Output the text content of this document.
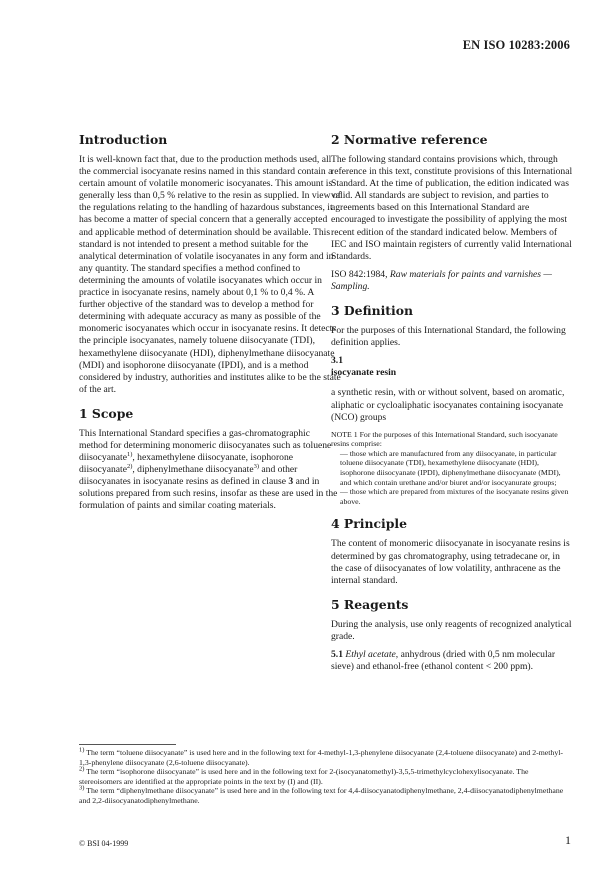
EN ISO 10283:2006
Introduction

It is well-known fact that, due to the production methods used, all the commercial isocyanate resins named in this standard contain a certain amount of volatile monomeric isocyanates. This amount is generally less than 0,5 % relative to the resin as supplied. In view of the regulations relating to the handling of hazardous substances, it has become a matter of special concern that a generally accepted and applicable method of determination should be available. This standard is not intended to present a method suitable for the analytical determination of volatile isocyanates in any form and in any quantity. The standard specifies a method confined to determining the amounts of volatile isocyanates which occur in practice in isocyanate resins, namely about 0,1 % to 0,4 %. A further objective of the standard was to develop a method for determining with adequate accuracy as many as possible of the monomeric isocyanates which occur in isocyanate resins. It detects the principle isocyanates, namely toluene diisocyanate (TDI), hexamethylene diisocyanate (HDI), diphenylmethane diisocyanate (MDI) and isophorone diisocyanate (IPDI), and is a method considered by industry, authorities and institutes alike to be the state of the art.

1 Scope

This International Standard specifies a gas-chromatographic method for determining monomeric diisocyanates such as toluene diisocyanate$^{1)}$, hexamethylene diisocyanate, isophorone diisocyanate$^{2)}$, diphenylmethane diisocyanate$^{3)}$ and other diisocyanates in isocyanate resins as defined in clause 3 and in solutions prepared from such resins, insofar as these are used in the formulation of paints and similar coating materials.

2 Normative reference

The following standard contains provisions which, through reference in this text, constitute provisions of this International Standard. At the time of publication, the edition indicated was valid. All standards are subject to revision, and parties to agreements based on this International Standard are encouraged to investigate the possibility of applying the most recent edition of the standard indicated below. Members of IEC and ISO maintain registers of currently valid International Standards.

ISO 842:1984, Raw materials for paints and varnishes — Sampling.

3 Definition

For the purposes of this International Standard, the following definition applies.

3.1

isocyanate resin

a synthetic resin, with or without solvent, based on aromatic, aliphatic or cycloaliphatic isocyanates containing isocyanate (NCO) groups

NOTE 1 For the purposes of this International Standard, such isocyanate resins comprise:
— those which are manufactured from any diisocyanate, in particular toluene diisocyanate (TDI), hexamethylene diisocyanate (HDI), isophorone diisocyanate (IPDI), diphenylmethane diisocyanate (MDI), and which contain urethane and/or biuret and/or isocyanurate groups;
— those which are prepared from mixtures of the isocyanate resins given above.
4 Principle

The content of monomeric diisocyanate in isocyanate resins is determined by gas chromatography, using tetradecane or, in the case of diisocyanates of low volatility, anthracene as the internal standard.

5 Reagents

During the analysis, use only reagents of recognized analytical grade.

5.1 Ethyl acetate, anhydrous (dried with 0,5 nm molecular sieve) and ethanol-free (ethanol content < 200 ppm).

$^{1)}$ The term “toluene diisocyanate” is used here and in the following text for 4-methyl-1,3-phenylene diisocyanate (2,4-toluene diisocyanate) and 2-methyl-1,3-phenylene diisocyanate (2,6-toluene diisocyanate).
$^{2)}$ The term “isophorone diisocyanate” is used here and in the following text for 2-(isocyanatomethyl)-3,5,5-trimethylcyclohexylisocyanate. The stereoisomers are identified at the appropriate points in the text by (I) and (II).
$^{3)}$ The term “diphenylmethane diisocyanate” is used here and in the following text for 4,4-diisocyanatodiphenylmethane, 2,4-diisocyanatodiphenylmethane and 2,2-diisocyanatodiphenylmethane.
© BSI 04-1999	1
